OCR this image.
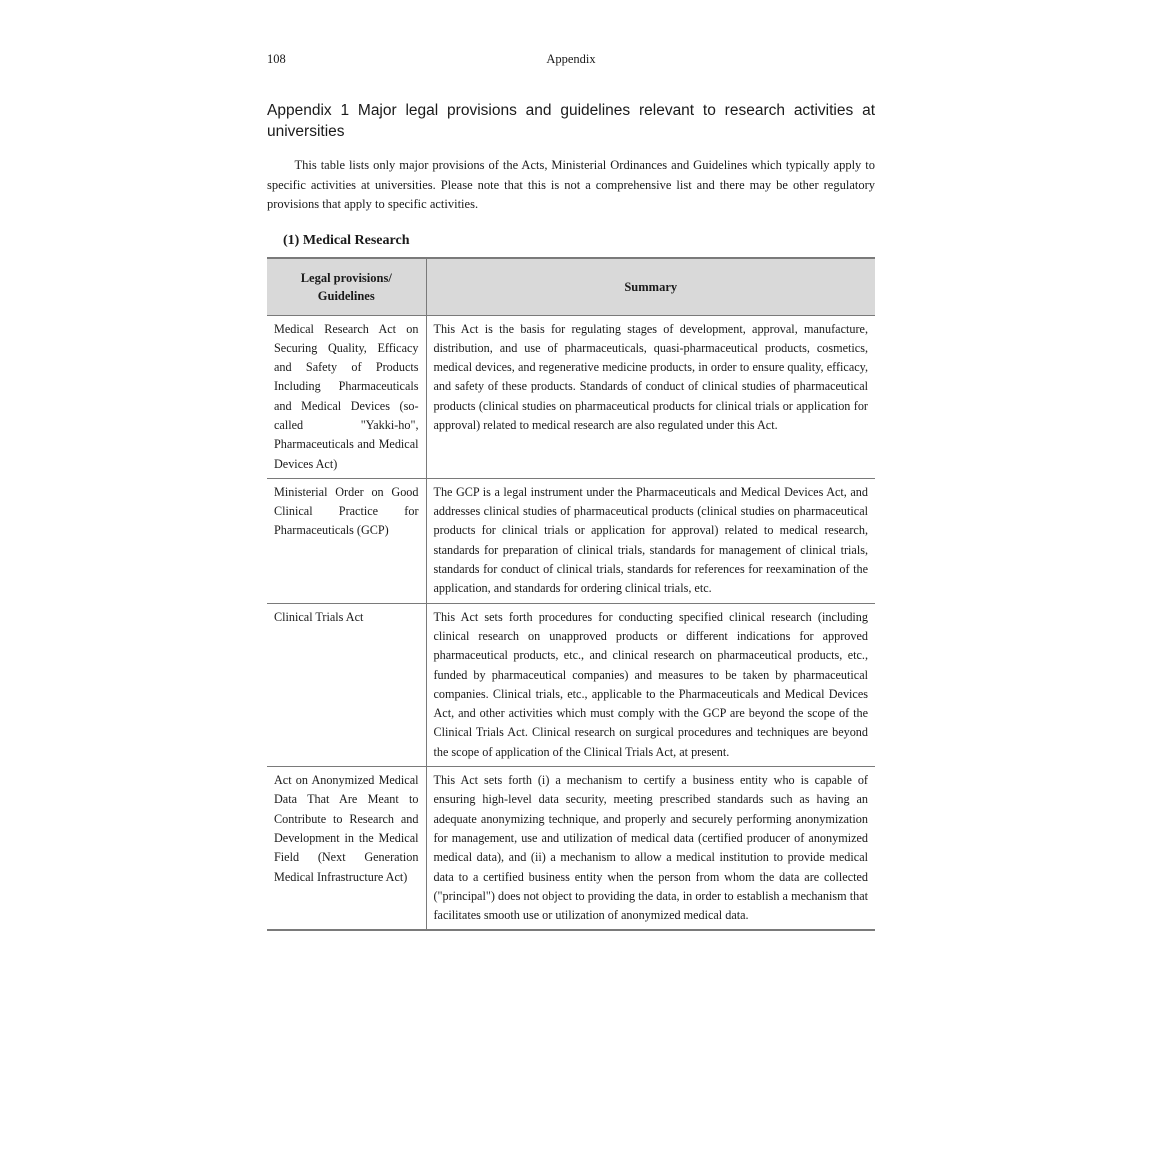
108	Appendix
Appendix 1 Major legal provisions and guidelines relevant to research activities at universities

This table lists only major provisions of the Acts, Ministerial Ordinances and Guidelines which typically apply to specific activities at universities. Please note that this is not a comprehensive list and there may be other regulatory provisions that apply to specific activities.

(1) Medical Research
Legal provisions/ Guidelines	Summary
Medical Research Act on Securing Quality, Efficacy and Safety of Products Including Pharmaceuticals and Medical Devices (so-called "Yakki-ho", Pharmaceuticals and Medical Devices Act)	This Act is the basis for regulating stages of development, approval, manufacture, distribution, and use of pharmaceuticals, quasi-pharmaceutical products, cosmetics, medical devices, and regenerative medicine products, in order to ensure quality, efficacy, and safety of these products. Standards of conduct of clinical studies of pharmaceutical products (clinical studies on pharmaceutical products for clinical trials or application for approval) related to medical research are also regulated under this Act.
Ministerial Order on Good Clinical Practice for Pharmaceuticals (GCP)	The GCP is a legal instrument under the Pharmaceuticals and Medical Devices Act, and addresses clinical studies of pharmaceutical products (clinical studies on pharmaceutical products for clinical trials or application for approval) related to medical research, standards for preparation of clinical trials, standards for management of clinical trials, standards for conduct of clinical trials, standards for references for reexamination of the application, and standards for ordering clinical trials, etc.
Clinical Trials Act	This Act sets forth procedures for conducting specified clinical research (including clinical research on unapproved products or different indications for approved pharmaceutical products, etc., and clinical research on pharmaceutical products, etc., funded by pharmaceutical companies) and measures to be taken by pharmaceutical companies. Clinical trials, etc., applicable to the Pharmaceuticals and Medical Devices Act, and other activities which must comply with the GCP are beyond the scope of the Clinical Trials Act. Clinical research on surgical procedures and techniques are beyond the scope of application of the Clinical Trials Act, at present.
Act on Anonymized Medical Data That Are Meant to Contribute to Research and Development in the Medical Field (Next Generation Medical Infrastructure Act)	This Act sets forth (i) a mechanism to certify a business entity who is capable of ensuring high-level data security, meeting prescribed standards such as having an adequate anonymizing technique, and properly and securely performing anonymization for management, use and utilization of medical data (certified producer of anonymized medical data), and (ii) a mechanism to allow a medical institution to provide medical data to a certified business entity when the person from whom the data are collected ("principal") does not object to providing the data, in order to establish a mechanism that facilitates smooth use or utilization of anonymized medical data.
